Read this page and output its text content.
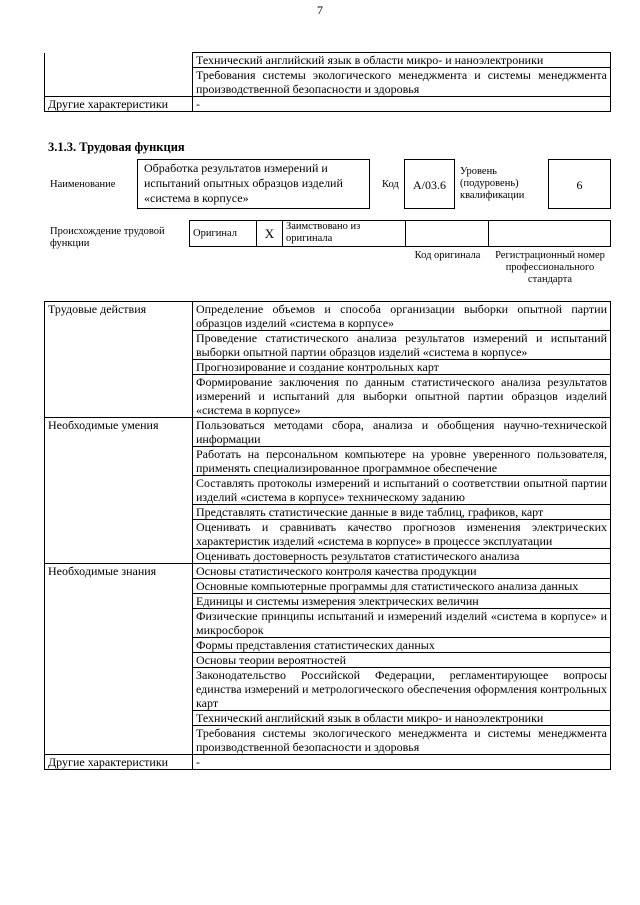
7
	Технический английский язык в области микро- и наноэлектроники
	Требования системы экологического менеджмента и системы менеджмента производственной безопасности и здоровья
Другие характеристики	-
3.1.3. Трудовая функция
Наименование
Обработка результатов измерений и испытаний опытных образцов изделий «система в корпусе»
Код	A/03.6
Уровень (подуровень) квалификации
6
Происхождение трудовой функции
Оригинал	X	Заимствовано из оригинала		
Код оригинала	Регистрационный номер профессионального стандарта
Трудовые действия	Определение объемов и способа организации выборки опытной партии образцов изделий «система в корпусе»
	Проведение статистического анализа результатов измерений и испытаний выборки опытной партии образцов изделий «система в корпусе»
	Прогнозирование и создание контрольных карт
	Формирование заключения по данным статистического анализа результатов измерений и испытаний для выборки опытной партии образцов изделий «система в корпусе»
Необходимые умения	Пользоваться методами сбора, анализа и обобщения научно-технической информации
	Работать на персональном компьютере на уровне уверенного пользователя, применять специализированное программное обеспечение
	Составлять протоколы измерений и испытаний о соответствии опытной партии изделий «система в корпусе» техническому заданию
	Представлять статистические данные в виде таблиц, графиков, карт
	Оценивать и сравнивать качество прогнозов изменения электрических характеристик изделий «система в корпусе» в процессе эксплуатации
	Оценивать достоверность результатов статистического анализа
Необходимые знания	Основы статистического контроля качества продукции
	Основные компьютерные программы для статистического анализа данных
	Единицы и системы измерения электрических величин
	Физические принципы испытаний и измерений изделий «система в корпусе» и микросборок
	Формы представления статистических данных
	Основы теории вероятностей
	Законодательство Российской Федерации, регламентирующее вопросы единства измерений и метрологического обеспечения оформления контрольных карт
	Технический английский язык в области микро- и наноэлектроники
	Требования системы экологического менеджмента и системы менеджмента производственной безопасности и здоровья
Другие характеристики	-
